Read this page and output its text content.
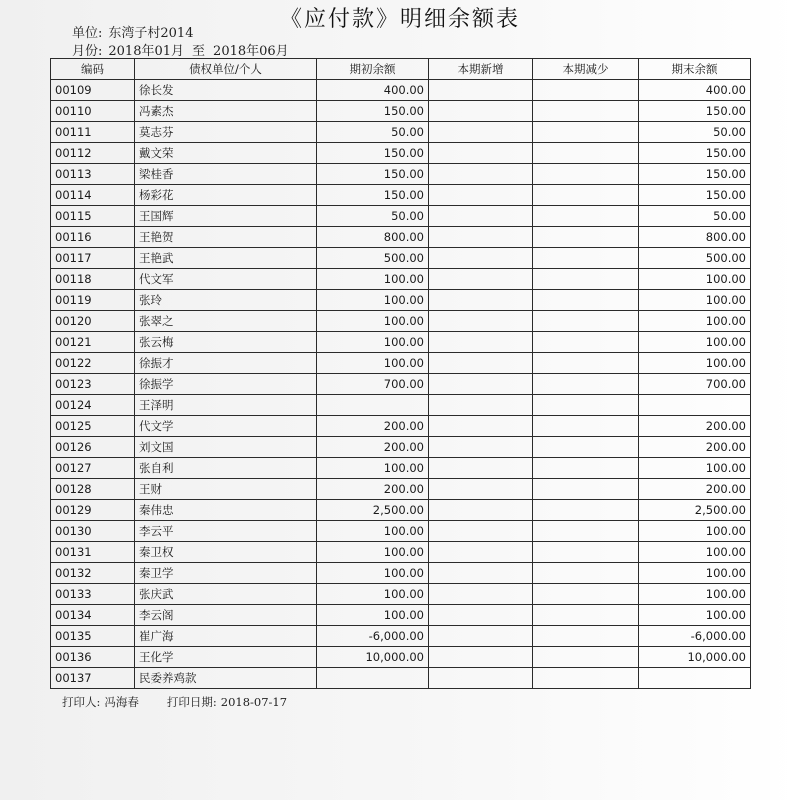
《应付款》明细余额表
单位: 东湾子村2014
月份: 2018年01月 至 2018年06月
编码	债权单位/个人	期初余额	本期新增	本期减少	期末余额
00109	徐长发	400.00			400.00
00110	冯素杰	150.00			150.00
00111	莫志芬	50.00			50.00
00112	戴文荣	150.00			150.00
00113	梁桂香	150.00			150.00
00114	杨彩花	150.00			150.00
00115	王国辉	50.00			50.00
00116	王艳贺	800.00			800.00
00117	王艳武	500.00			500.00
00118	代文军	100.00			100.00
00119	张玲	100.00			100.00
00120	张翠之	100.00			100.00
00121	张云梅	100.00			100.00
00122	徐振才	100.00			100.00
00123	徐振学	700.00			700.00
00124	王泽明				
00125	代文学	200.00			200.00
00126	刘文国	200.00			200.00
00127	张自利	100.00			100.00
00128	王财	200.00			200.00
00129	秦伟忠	2,500.00			2,500.00
00130	李云平	100.00			100.00
00131	秦卫权	100.00			100.00
00132	秦卫学	100.00			100.00
00133	张庆武	100.00			100.00
00134	李云阁	100.00			100.00
00135	崔广海	-6,000.00			-6,000.00
00136	王化学	10,000.00			10,000.00
00137	民委养鸡款				
打印人: 冯海春 打印日期: 2018-07-17
